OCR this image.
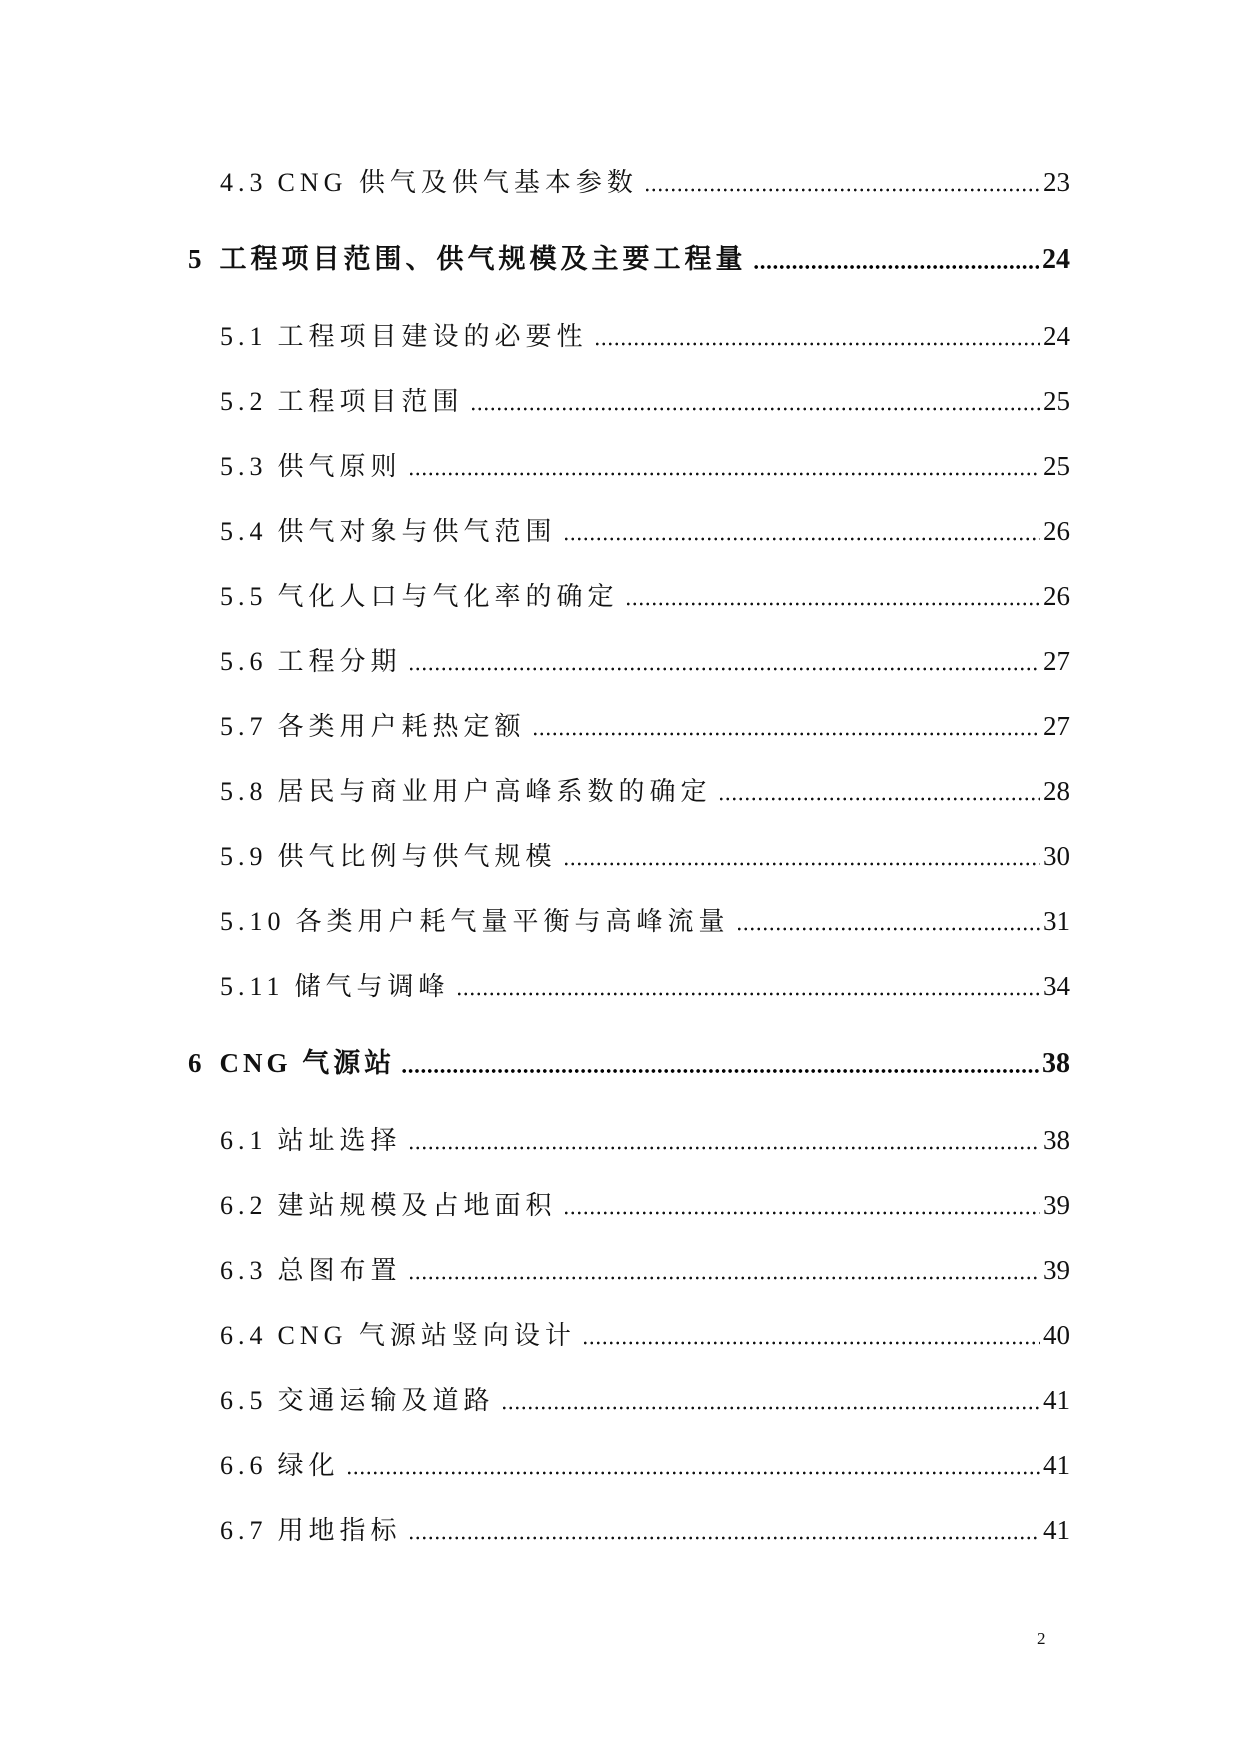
4.3 CNG 供气及供气基本参数	23
5 工程项目范围、供气规模及主要工程量	24
5.1 工程项目建设的必要性	24
5.2 工程项目范围	25
5.3 供气原则	25
5.4 供气对象与供气范围	26
5.5 气化人口与气化率的确定	26
5.6 工程分期	27
5.7 各类用户耗热定额	27
5.8 居民与商业用户高峰系数的确定	28
5.9 供气比例与供气规模	30
5.10 各类用户耗气量平衡与高峰流量	31
5.11 储气与调峰	34
6 CNG 气源站	38
6.1 站址选择	38
6.2 建站规模及占地面积	39
6.3 总图布置	39
6.4 CNG 气源站竖向设计	40
6.5 交通运输及道路	41
6.6 绿化	41
6.7 用地指标	41
2
